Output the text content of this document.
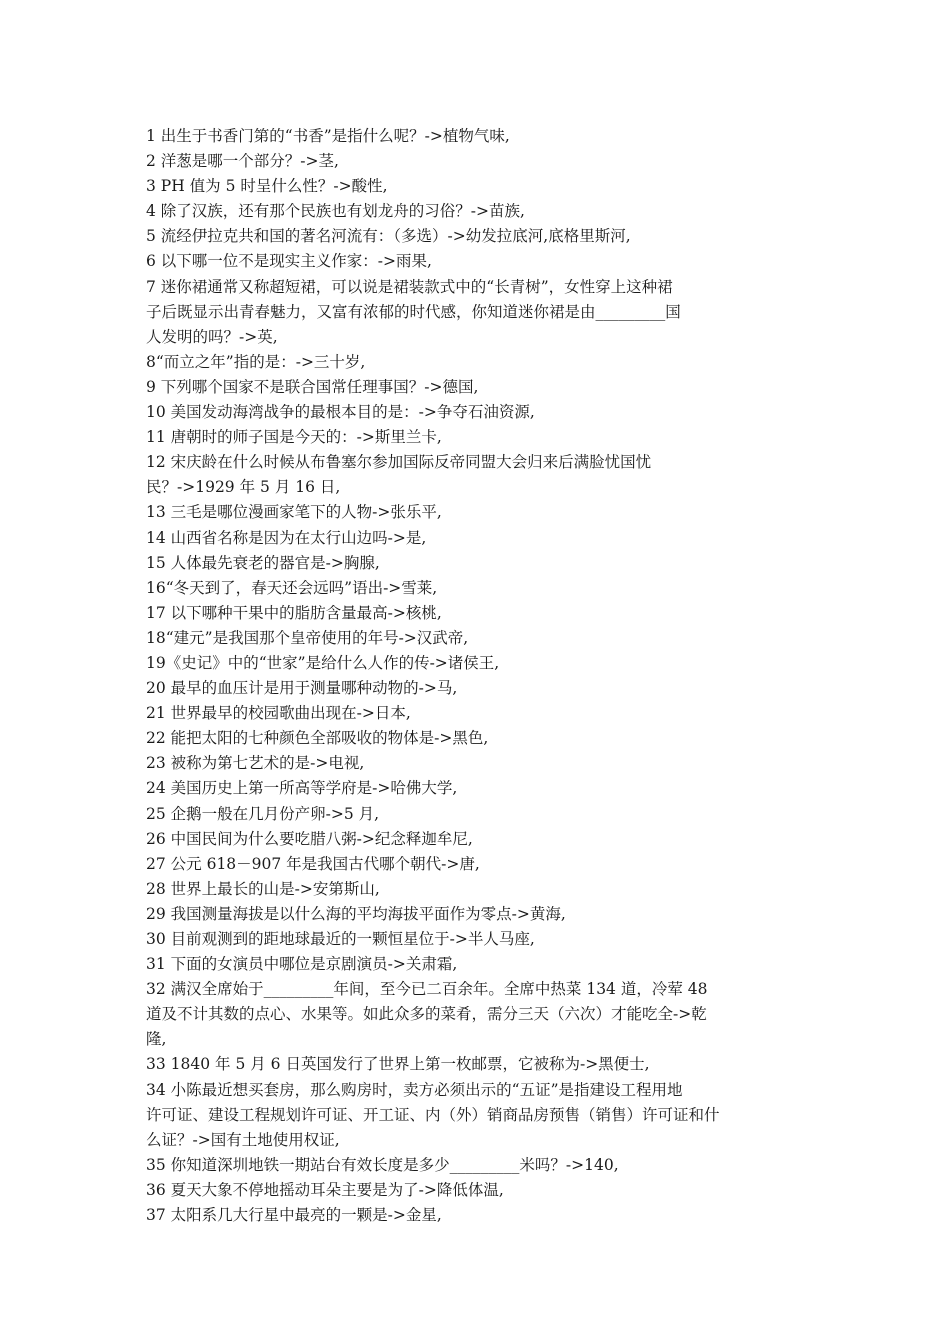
1 出生于书香门第的“书香”是指什么呢？->植物气味,
2 洋葱是哪一个部分？->茎,
3 PH 值为 5 时呈什么性？->酸性,
4 除了汉族，还有那个民族也有划龙舟的习俗？->苗族,
5 流经伊拉克共和国的著名河流有：（多选）->幼发拉底河,底格里斯河,
6 以下哪一位不是现实主义作家：->雨果,
7 迷你裙通常又称超短裙，可以说是裙装款式中的“长青树”，女性穿上这种裙
子后既显示出青春魅力，又富有浓郁的时代感，你知道迷你裙是由_________国
人发明的吗？->英,
8“而立之年”指的是：->三十岁,
9 下列哪个国家不是联合国常任理事国？->德国,
10 美国发动海湾战争的最根本目的是：->争夺石油资源,
11 唐朝时的师子国是今天的：->斯里兰卡,
12 宋庆龄在什么时候从布鲁塞尔参加国际反帝同盟大会归来后满脸忧国忧
民？->1929 年 5 月 16 日,
13 三毛是哪位漫画家笔下的人物->张乐平,
14 山西省名称是因为在太行山边吗->是,
15 人体最先衰老的器官是->胸腺,
16“冬天到了，春天还会远吗”语出->雪莱,
17 以下哪种干果中的脂肪含量最高->核桃,
18“建元”是我国那个皇帝使用的年号->汉武帝,
19《史记》中的“世家”是给什么人作的传->诸侯王,
20 最早的血压计是用于测量哪种动物的->马,
21 世界最早的校园歌曲出现在->日本,
22 能把太阳的七种颜色全部吸收的物体是->黑色,
23 被称为第七艺术的是->电视,
24 美国历史上第一所高等学府是->哈佛大学,
25 企鹅一般在几月份产卵->5 月,
26 中国民间为什么要吃腊八粥->纪念释迦牟尼,
27 公元 618－907 年是我国古代哪个朝代->唐,
28 世界上最长的山是->安第斯山,
29 我国测量海拔是以什么海的平均海拔平面作为零点->黄海,
30 目前观测到的距地球最近的一颗恒星位于->半人马座,
31 下面的女演员中哪位是京剧演员->关肃霜,
32 满汉全席始于_________年间，至今已二百余年。全席中热菜 134 道，冷荤 48
道及不计其数的点心、水果等。如此众多的菜肴，需分三天（六次）才能吃全->乾
隆,
33 1840 年 5 月 6 日英国发行了世界上第一枚邮票，它被称为->黑便士,
34 小陈最近想买套房，那么购房时，卖方必须出示的“五证”是指建设工程用地
许可证、建设工程规划许可证、开工证、内（外）销商品房预售（销售）许可证和什
么证？->国有土地使用权证,
35 你知道深圳地铁一期站台有效长度是多少_________米吗？->140,
36 夏天大象不停地摇动耳朵主要是为了->降低体温,
37 太阳系几大行星中最亮的一颗是->金星,
